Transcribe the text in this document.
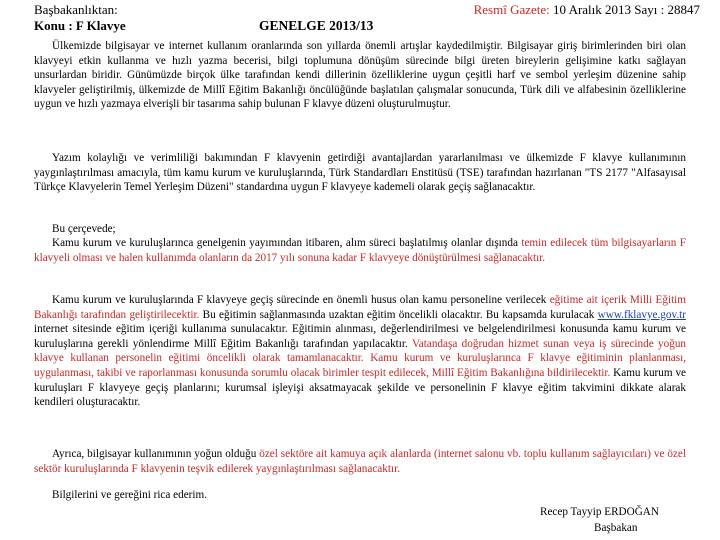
Başbakanlıktan:	Resmî Gazete: 10 Aralık 2013 Sayı : 28847
Konu : F Klavye	GENELGE 2013/13
Ülkemizde bilgisayar ve internet kullanım oranlarında son yıllarda önemli artışlar kaydedilmiştir. Bilgisayar giriş birimlerinden biri olan klavyeyi etkin kullanma ve hızlı yazma becerisi, bilgi toplumuna dönüşüm sürecinde bilgi üreten bireylerin gelişimine katkı sağlayan unsurlardan biridir. Günümüzde birçok ülke tarafından kendi dillerinin özelliklerine uygun çeşitli harf ve sembol yerleşim düzenine sahip klavyeler geliştirilmiş, ülkemizde de Millî Eğitim Bakanlığı öncülüğünde başlatılan çalışmalar sonucunda, Türk dili ve alfabesinin özelliklerine uygun ve hızlı yazmaya elverişli bir tasarıma sahip bulunan F klavye düzeni oluşturulmuştur.
Yazım kolaylığı ve verimliliği bakımından F klavyenin getirdiği avantajlardan yararlanılması ve ülkemizde F klavye kullanımının yaygınlaştırılması amacıyla, tüm kamu kurum ve kuruluşlarında, Türk Standardları Enstitüsü (TSE) tarafından hazırlanan "TS 2177 "Alfasayısal Türkçe Klavyelerin Temel Yerleşim Düzeni" standardına uygun F klavyeye kademeli olarak geçiş sağlanacaktır.
Bu çerçevede;
Kamu kurum ve kuruluşlarınca genelgenin yayımından itibaren, alım süreci başlatılmış olanlar dışında temin edilecek tüm bilgisayarların F klavyeli olması ve halen kullanımda olanların da 2017 yılı sonuna kadar F klavyeye dönüştürülmesi sağlanacaktır.
Kamu kurum ve kuruluşlarında F klavyeye geçiş sürecinde en önemli husus olan kamu personeline verilecek eğitime ait içerik Milli Eğitim Bakanlığı tarafından geliştirilecektir. Bu eğitimin sağlanmasında uzaktan eğitim öncelikli olacaktır. Bu kapsamda kurulacak www.fklavye.gov.tr internet sitesinde eğitim içeriği kullanıma sunulacaktır. Eğitimin alınması, değerlendirilmesi ve belgelendirilmesi konusunda kamu kurum ve kuruluşlarına gerekli yönlendirme Millî Eğitim Bakanlığı tarafından yapılacaktır. Vatandaşa doğrudan hizmet sunan veya iş sürecinde yoğun klavye kullanan personelin eğitimi öncelikli olarak tamamlanacaktır. Kamu kurum ve kuruluşlarınca F klavye eğitiminin planlanması, uygulanması, takibi ve raporlanması konusunda sorumlu olacak birimler tespit edilecek, Millî Eğitim Bakanlığına bildirilecektir. Kamu kurum ve kuruluşları F klavyeye geçiş planlarını; kurumsal işleyişi aksatmayacak şekilde ve personelinin F klavye eğitim takvimini dikkate alarak kendileri oluşturacaktır.
Ayrıca, bilgisayar kullanımının yoğun olduğu özel sektöre ait kamuya açık alanlarda (internet salonu vb. toplu kullanım sağlayıcıları) ve özel sektör kuruluşlarında F klavyenin teşvik edilerek yaygınlaştırılması sağlanacaktır.
Bilgilerini ve gereğini rica ederim.
Recep Tayyip ERDOĞAN
Başbakan
